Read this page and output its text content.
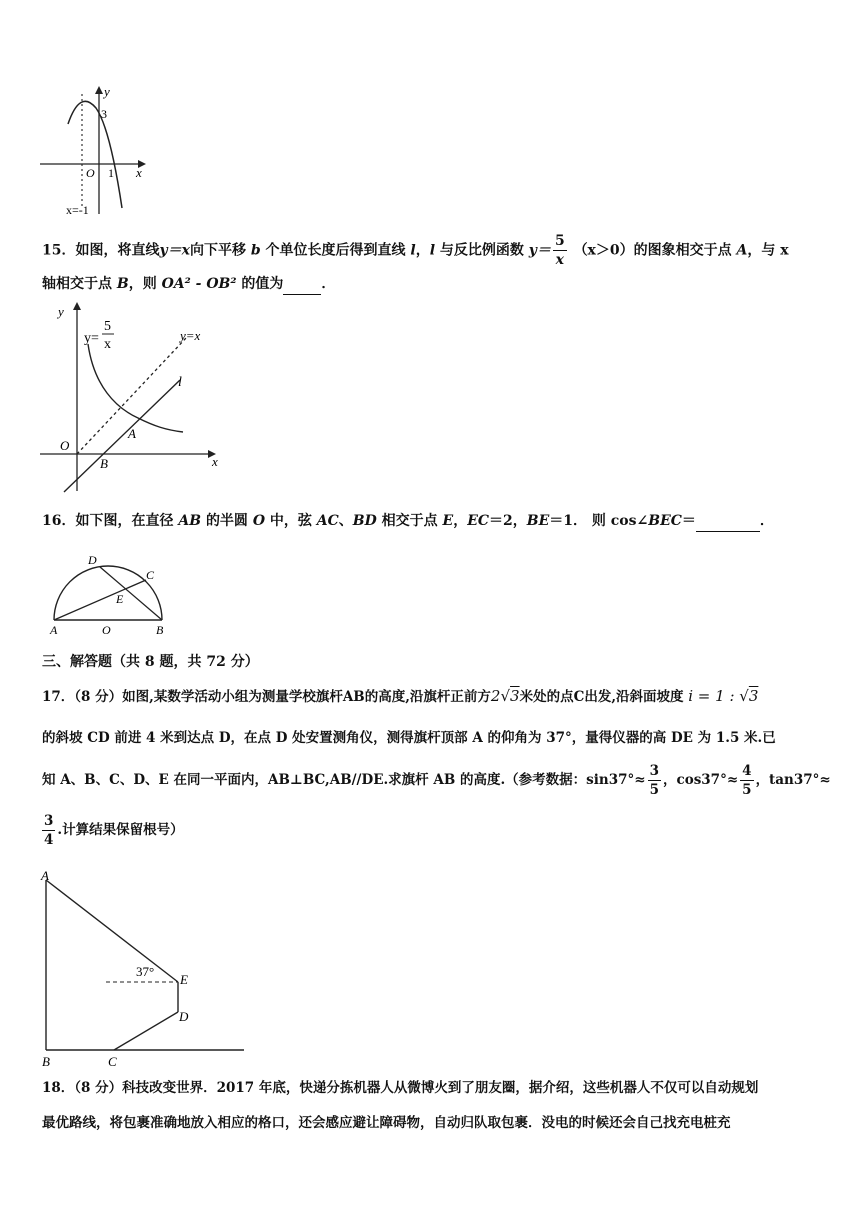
y
3
O 1 x
x=-1
15．如图，将直线y＝x向下平移 b 个单位长度后得到直线 l，l 与反比例函数 $y= \frac{5}{x} (x>0)$的图象相交于点 A，与 x
轴相交于点 B，则 OA² - OB² 的值为	．
y
y=
5
x
y=x
l
A
O
B	x
16．如下图，在直径 AB 的半圆 O 中，弦 AC、BD 相交于点 E，EC＝2，BE＝1． 则 cos∠BEC＝	．
D
C
E
A	O	B
三、解答题（共 8 题，共 72 分）
17．（8 分）如图,某数学活动小组为测量学校旗杆AB的高度,沿旗杆正前方2√3米处的点C出发,沿斜面坡度 i = 1 : √3
的斜坡 CD 前进 4 米到达点 D，在点 D 处安置测角仪，测得旗杆顶部 A 的仰角为 37°，量得仪器的高 DE 为 1.5 米.已
知 A、B、C、D、E 在同一平面内，AB⊥BC,AB//DE.求旗杆 AB 的高度.（参考数据：$\sin 37^\circ\approx \frac{3}{5}$ ，$\cos 37^\circ\approx \frac{4}{5}$ ，tan37°≈
$\frac{3}{4}$ .计算结果保留根号）
A
37°
E
D
B	C
18．（8 分）科技改变世界．2017 年底，快递分拣机器人从微博火到了朋友圈，据介绍，这些机器人不仅可以自动规划
最优路线，将包裹准确地放入相应的格口，还会感应避让障碍物，自动归队取包裹．没电的时候还会自己找充电桩充
